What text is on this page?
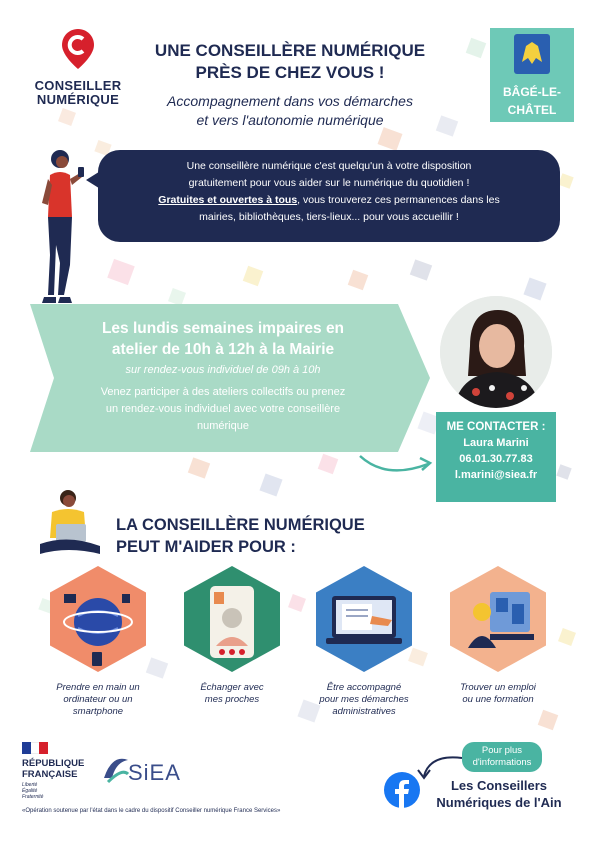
CONSEILLER
NUMÉRIQUE
UNE CONSEILLÈRE NUMÉRIQUE
PRÈS DE CHEZ VOUS !
Accompagnement dans vos démarches
et vers l'autonomie numérique
BÂGÉ-LE-
CHÂTEL
Une conseillère numérique c'est quelqu'un à votre disposition
gratuitement pour vous aider sur le numérique du quotidien !
Gratuites et ouvertes à tous, vous trouverez ces permanences dans les
mairies, bibliothèques, tiers-lieux... pour vous accueillir !
Les lundis semaines impaires en
atelier de 10h à 12h à la Mairie
sur rendez-vous individuel de 09h à 10h
Venez participer à des ateliers collectifs ou prenez
un rendez-vous individuel avec votre conseillère
numérique	ME CONTACTER :
Laura Marini
06.01.30.77.83
l.marini@siea.fr
LA CONSEILLÈRE NUMÉRIQUE
PEUT M'AIDER POUR :
Prendre en main un
ordinateur ou un
smartphone
Échanger avec
mes proches
Être accompagné
pour mes démarches
administratives
Trouver un emploi
ou une formation
RÉPUBLIQUE
FRANÇAISE
Liberté
Égalité
Fraternité
SiEA
«Opération soutenue par l'état dans le cadre du dispositif Conseiller numérique France Services»
Pour plus
d'informations
Les Conseillers
Numériques de l'Ain
